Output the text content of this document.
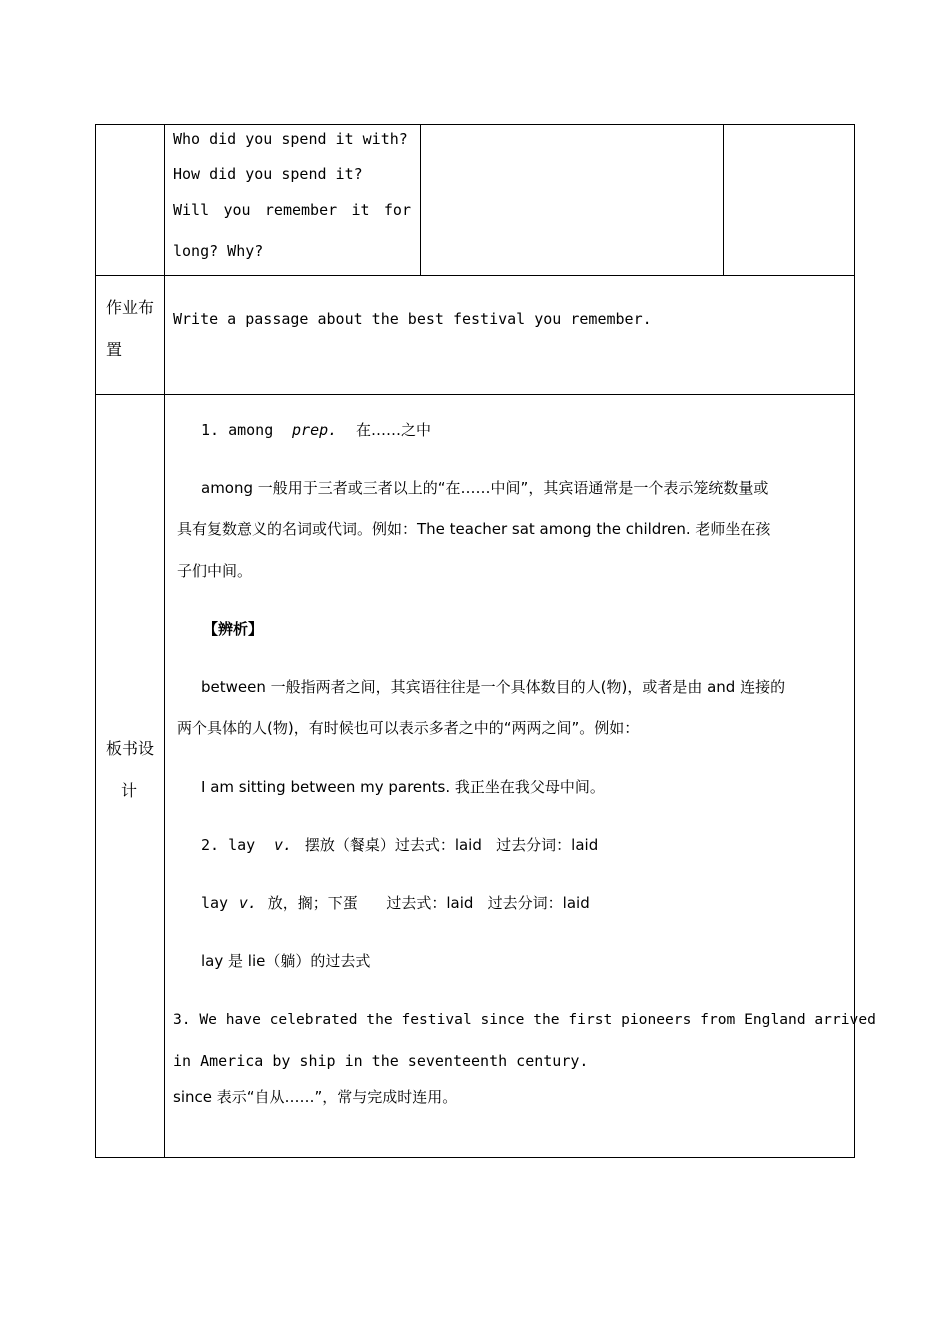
Who did you spend it with?
How did you spend it?
Will you remember it for
long? Why?
作业布
置
Write a passage about the best festival you remember.
板书设
计
1. among prep. 在……之中
among 一般用于三者或三者以上的“在……中间”，其宾语通常是一个表示笼统数量或
具有复数意义的名词或代词。例如：The teacher sat among the children. 老师坐在孩
子们中间。
【辨析】
between 一般指两者之间，其宾语往往是一个具体数目的人(物)，或者是由 and 连接的
两个具体的人(物)，有时候也可以表示多者之中的“两两之间”。例如：
I am sitting between my parents. 我正坐在我父母中间。
2. lay v. 摆放（餐桌）过去式：laid   过去分词：laid
lay v. 放，搁；下蛋      过去式：laid   过去分词：laid
lay 是 lie（躺）的过去式
3. We have celebrated the festival since the first pioneers from England arrived
in America by ship in the seventeenth century.
since 表示“自从……”，常与完成时连用。
